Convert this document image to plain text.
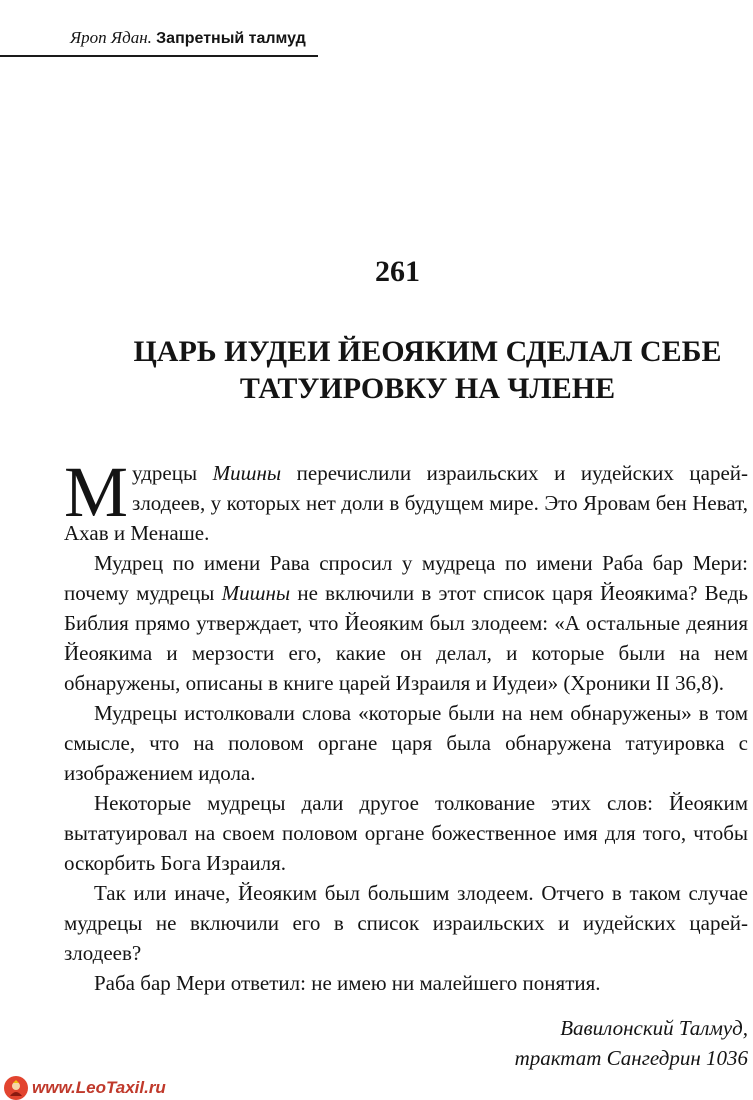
Яроп Ядан. Запретный талмуд
261
ЦАРЬ ИУДЕИ ЙЕОЯКИМ СДЕЛАЛ СЕБЕ
ТАТУИРОВКУ НА ЧЛЕНЕ

Мудрецы Мишны перечислили израильских и иудейских царей-злодеев, у которых нет доли в будущем мире. Это Яровам бен Неват, Ахав и Менаше.

Мудрец по имени Рава спросил у мудреца по имени Раба бар Мери: почему мудрецы Мишны не включили в этот список царя Йеоякима? Ведь Библия прямо утверждает, что Йеояким был злодеем: «А остальные деяния Йеоякима и мерзости его, какие он делал, и которые были на нем обнаружены, описаны в книге царей Израиля и Иудеи» (Хроники II 36,8).

Мудрецы истолковали слова «которые были на нем обнаружены» в том смысле, что на половом органе царя была обнаружена татуировка с изображением идола.

Некоторые мудрецы дали другое толкование этих слов: Йеояким вытатуировал на своем половом органе божественное имя для того, чтобы оскорбить Бога Израиля.

Так или иначе, Йеояким был большим злодеем. Отчего в таком случае мудрецы не включили его в список израильских и иудейских царей-злодеев?

Раба бар Мери ответил: не имею ни малейшего понятия.

Вавилонский Талмуд,
трактат Сангедрин 1036
www.LeoTaxil.ru
